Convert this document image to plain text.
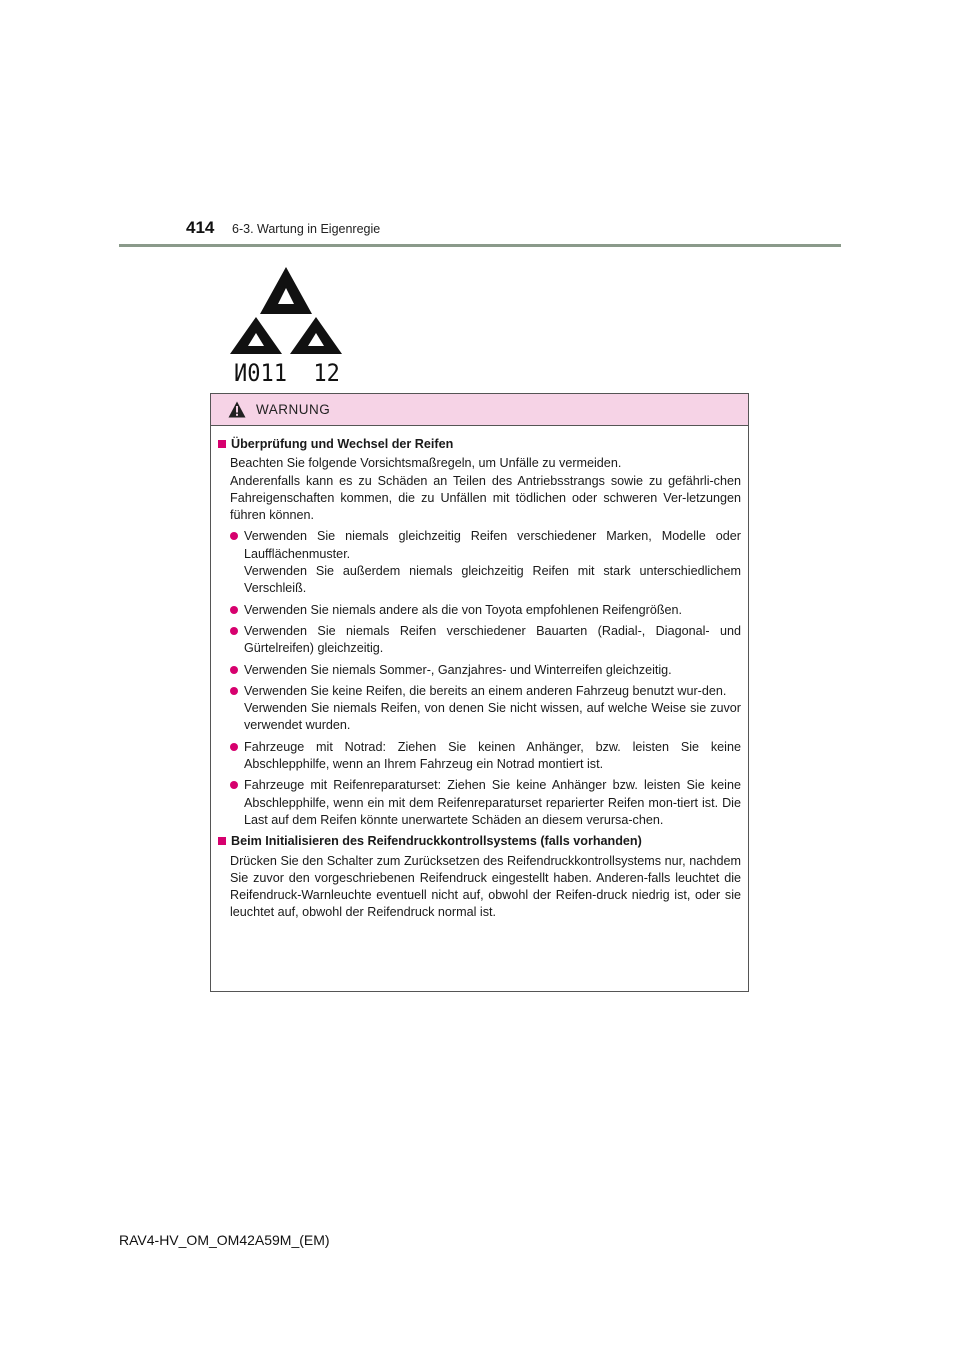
414 6-3. Wartung in Eigenregie
И011  12
WARNUNG
Überprüfung und Wechsel der Reifen
Beachten Sie folgende Vorsichtsmaßregeln, um Unfälle zu vermeiden.
Anderenfalls kann es zu Schäden an Teilen des Antriebsstrangs sowie zu gefährli-chen Fahreigenschaften kommen, die zu Unfällen mit tödlichen oder schweren Ver-letzungen führen können.
Verwenden Sie niemals gleichzeitig Reifen verschiedener Marken, Modelle oder Laufflächenmuster.
Verwenden Sie außerdem niemals gleichzeitig Reifen mit stark unterschiedlichem Verschleiß.
Verwenden Sie niemals andere als die von Toyota empfohlenen Reifengrößen.
Verwenden Sie niemals Reifen verschiedener Bauarten (Radial-, Diagonal- und Gürtelreifen) gleichzeitig.
Verwenden Sie niemals Sommer-, Ganzjahres- und Winterreifen gleichzeitig.
Verwenden Sie keine Reifen, die bereits an einem anderen Fahrzeug benutzt wur-den.
Verwenden Sie niemals Reifen, von denen Sie nicht wissen, auf welche Weise sie zuvor verwendet wurden.
Fahrzeuge mit Notrad: Ziehen Sie keinen Anhänger, bzw. leisten Sie keine Abschlepphilfe, wenn an Ihrem Fahrzeug ein Notrad montiert ist.
Fahrzeuge mit Reifenreparaturset: Ziehen Sie keine Anhänger bzw. leisten Sie keine Abschlepphilfe, wenn ein mit dem Reifenreparaturset reparierter Reifen mon-tiert ist. Die Last auf dem Reifen könnte unerwartete Schäden an diesem verursa-chen.
Beim Initialisieren des Reifendruckkontrollsystems (falls vorhanden)
Drücken Sie den Schalter zum Zurücksetzen des Reifendruckkontrollsystems nur, nachdem Sie zuvor den vorgeschriebenen Reifendruck eingestellt haben. Anderen-falls leuchtet die Reifendruck-Warnleuchte eventuell nicht auf, obwohl der Reifen-druck niedrig ist, oder sie leuchtet auf, obwohl der Reifendruck normal ist.
RAV4-HV_OM_OM42A59M_(EM)
